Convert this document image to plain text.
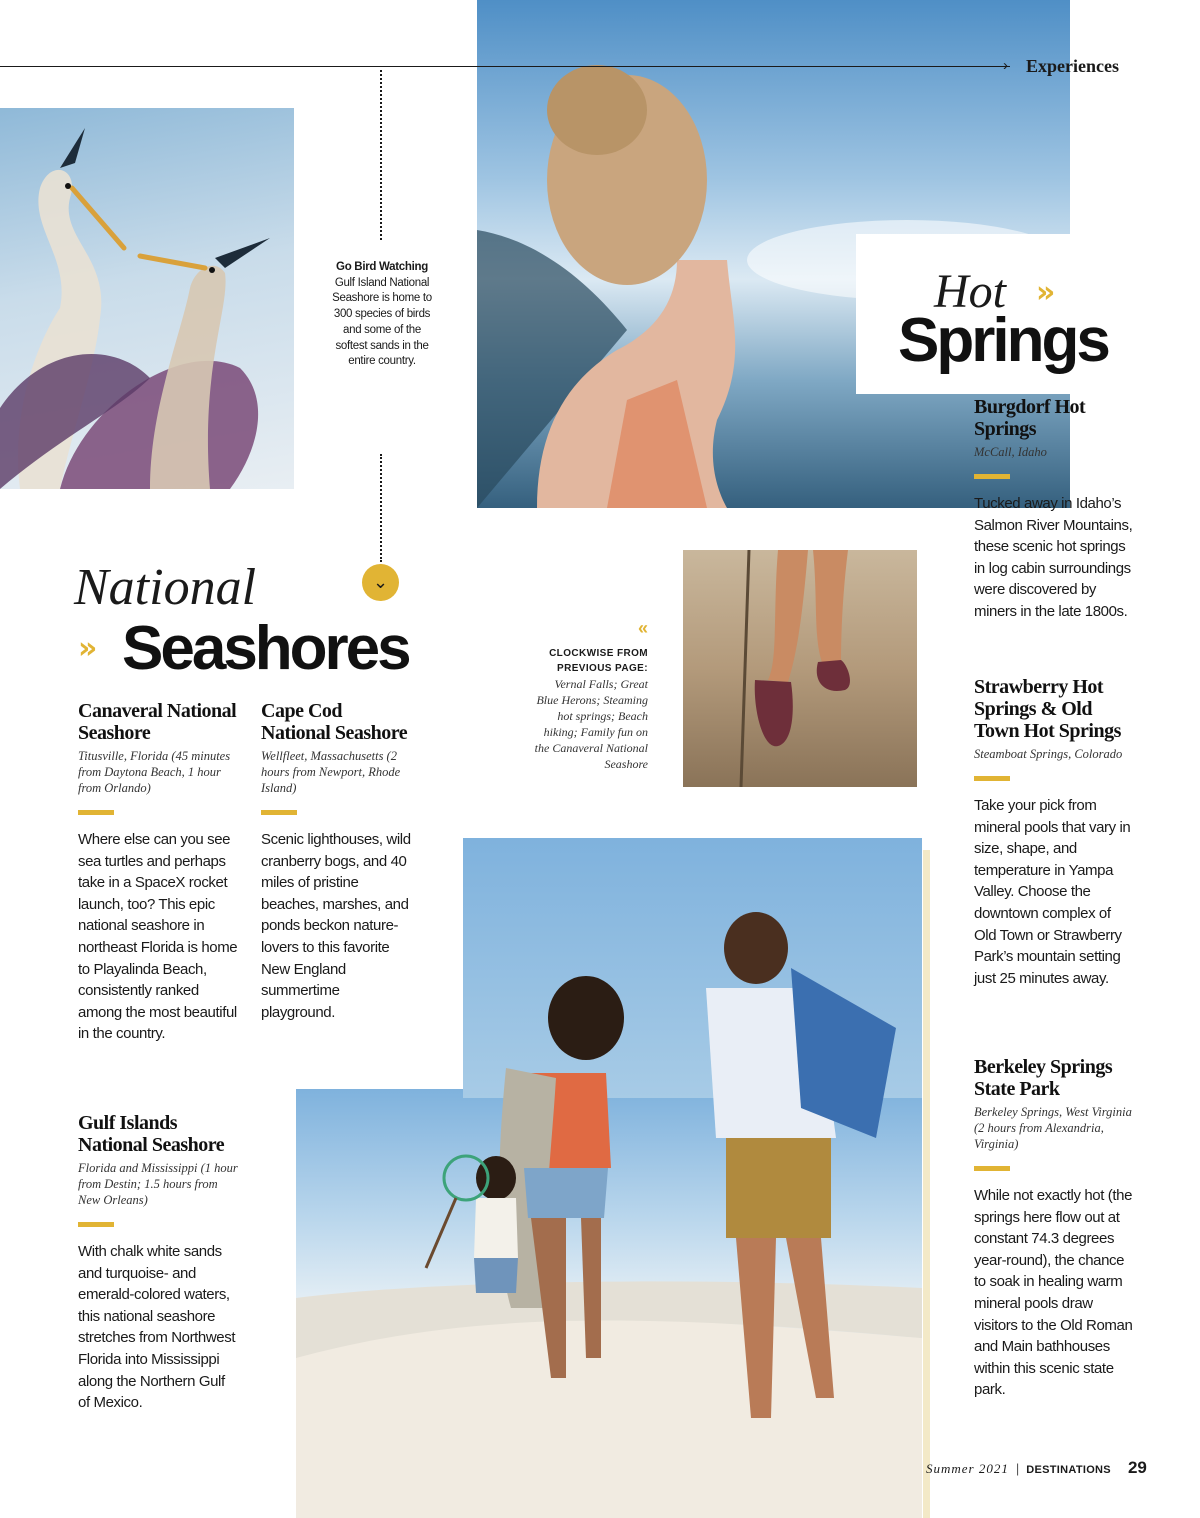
› Experiences
⌄
Go Bird Watching
Gulf Island National Seashore is home to 300 species of birds and some of the softest sands in the entire country.
Hot »
Springs
Burgdorf Hot Springs
McCall, Idaho
Tucked away in Idaho’s Salmon River Mountains, these scenic hot springs in log cabin surroundings were discovered by miners in the late 1800s.
Strawberry Hot Springs & Old Town Hot Springs
Steamboat Springs, Colorado
Take your pick from mineral pools that vary in size, shape, and temperature in Yampa Valley. Choose the downtown complex of Old Town or Strawberry Park’s mountain setting just 25 minutes away.
Berkeley Springs State Park
Berkeley Springs, West Virginia (2 hours from Alexandria, Virginia)
While not exactly hot (the springs here flow out at constant 74.3 degrees year-round), the chance to soak in healing warm mineral pools draw visitors to the Old Roman and Main bathhouses within this scenic state park.
National
» Seashores
Canaveral National Seashore
Titusville, Florida (45 minutes from Daytona Beach, 1 hour from Orlando)
Where else can you see sea turtles and perhaps take in a SpaceX rocket launch, too? This epic national seashore in northeast Florida is home to Playalinda Beach, consistently ranked among the most beautiful in the country.
Cape Cod National Seashore
Wellfleet, Massachusetts (2 hours from Newport, Rhode Island)
Scenic lighthouses, wild cranberry bogs, and 40 miles of pristine beaches, marshes, and ponds beckon nature-lovers to this favorite New England summertime playground.
Gulf Islands National Seashore
Florida and Mississippi (1 hour from Destin; 1.5 hours from New Orleans)
With chalk white sands and turquoise- and emerald-colored waters, this national seashore stretches from Northwest Florida into Mississippi along the Northern Gulf of Mexico.
«
CLOCKWISE FROM PREVIOUS PAGE:
Vernal Falls; Great Blue Herons; Steaming hot springs; Beach hiking; Family fun on the Canaveral National Seashore
Summer 2021 | DESTINATIONS 29
